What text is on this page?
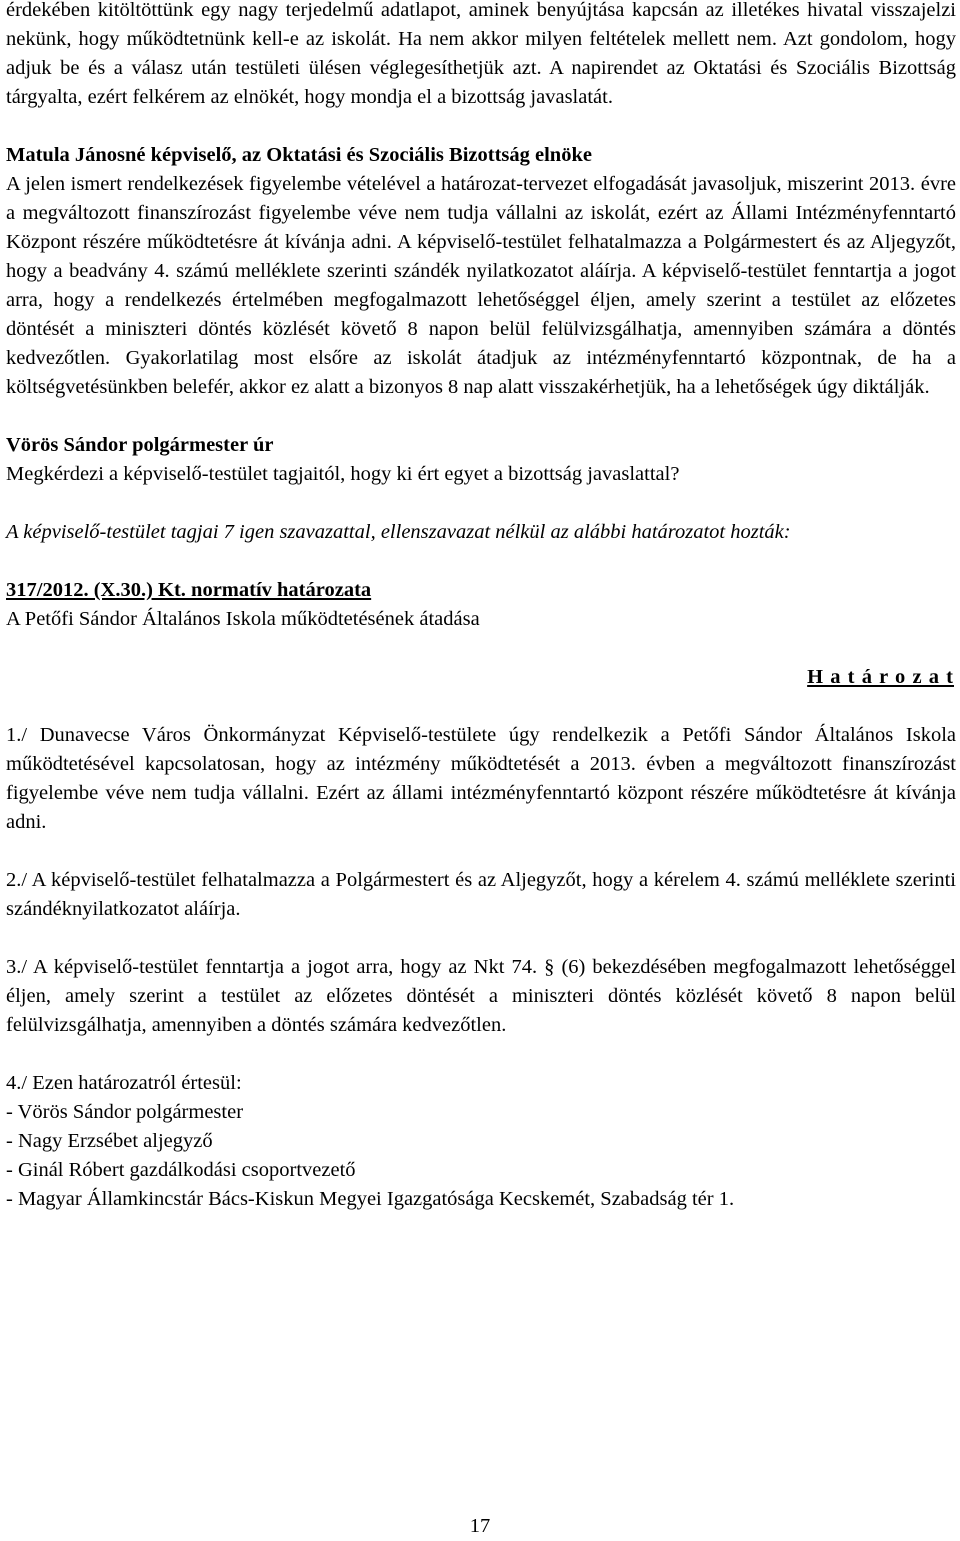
érdekében kitöltöttünk egy nagy terjedelmű adatlapot, aminek benyújtása kapcsán az illetékes hivatal visszajelzi nekünk, hogy működtetnünk kell-e az iskolát. Ha nem akkor milyen feltételek mellett nem. Azt gondolom, hogy adjuk be és a válasz után testületi ülésen véglegesíthetjük azt. A napirendet az Oktatási és Szociális Bizottság tárgyalta, ezért felkérem az elnökét, hogy mondja el a bizottság javaslatát.

Matula Jánosné képviselő, az Oktatási és Szociális Bizottság elnöke

A jelen ismert rendelkezések figyelembe vételével a határozat-tervezet elfogadását javasoljuk, miszerint 2013. évre a megváltozott finanszírozást figyelembe véve nem tudja vállalni az iskolát, ezért az Állami Intézményfenntartó Központ részére működtetésre át kívánja adni. A képviselő-testület felhatalmazza a Polgármestert és az Aljegyzőt, hogy a beadvány 4. számú melléklete szerinti szándék nyilatkozatot aláírja. A képviselő-testület fenntartja a jogot arra, hogy a rendelkezés értelmében megfogalmazott lehetőséggel éljen, amely szerint a testület az előzetes döntését a miniszteri döntés közlését követő 8 napon belül felülvizsgálhatja, amennyiben számára a döntés kedvezőtlen. Gyakorlatilag most elsőre az iskolát átadjuk az intézményfenntartó központnak, de ha a költségvetésünkben belefér, akkor ez alatt a bizonyos 8 nap alatt visszakérhetjük, ha a lehetőségek úgy diktálják.

Vörös Sándor polgármester úr

Megkérdezi a képviselő-testület tagjaitól, hogy ki ért egyet a bizottság javaslattal?

A képviselő-testület tagjai 7 igen szavazattal, ellenszavazat nélkül az alábbi határozatot hozták:

317/2012. (X.30.) Kt. normatív határozata

A Petőfi Sándor Általános Iskola működtetésének átadása

H a t á r o z a t

1./ Dunavecse Város Önkormányzat Képviselő-testülete úgy rendelkezik a Petőfi Sándor Általános Iskola működtetésével kapcsolatosan, hogy az intézmény működtetését a 2013. évben a megváltozott finanszírozást figyelembe véve nem tudja vállalni. Ezért az állami intézményfenntartó központ részére működtetésre át kívánja adni.

2./ A képviselő-testület felhatalmazza a Polgármestert és az Aljegyzőt, hogy a kérelem 4. számú melléklete szerinti szándéknyilatkozatot aláírja.

3./ A képviselő-testület fenntartja a jogot arra, hogy az Nkt 74. § (6) bekezdésében megfogalmazott lehetőséggel éljen, amely szerint a testület az előzetes döntését a miniszteri döntés közlését követő 8 napon belül felülvizsgálhatja, amennyiben a döntés számára kedvezőtlen.

4./ Ezen határozatról értesül:

- Vörös Sándor polgármester

- Nagy Erzsébet aljegyző

- Ginál Róbert gazdálkodási csoportvezető

- Magyar Államkincstár Bács-Kiskun Megyei Igazgatósága Kecskemét, Szabadság tér 1.

17
